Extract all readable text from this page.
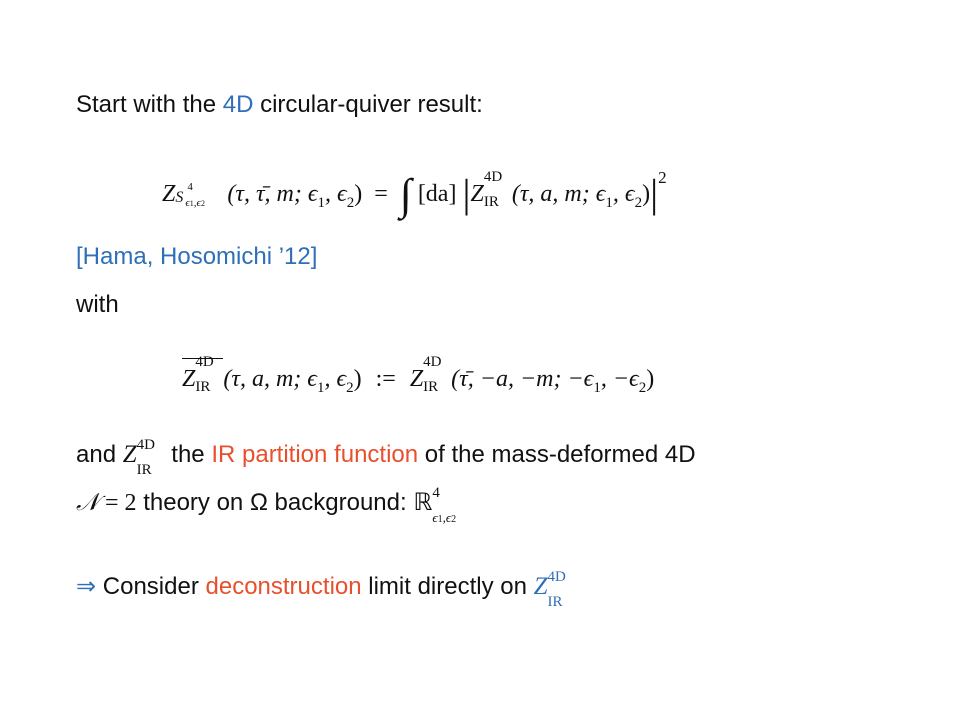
Start with the 4D circular-quiver result:
Z S
4
ϵ1,ϵ2 (τ, τ̄, m; $\epsilon_1$, $\epsilon_2$) = ∫ [da] |Z
4D
IR (τ, a, m; $\epsilon_1$, $\epsilon_2)|^2$
[Hama, Hosomichi ’12]
with
Z
4D
IR (τ, a, m; $\epsilon_1$, $\epsilon_2$) := Z
4D
IR (τ̄, −a, −m; $-\epsilon_1$, $-\epsilon_2$)
and Z 4D
IR
the IR partition function of the mass-deformed 4D
𝒩 = 2 theory on Ω background: ℝ 4
ϵ1,ϵ2
⇒ Consider deconstruction limit directly on Z 4D
IR
